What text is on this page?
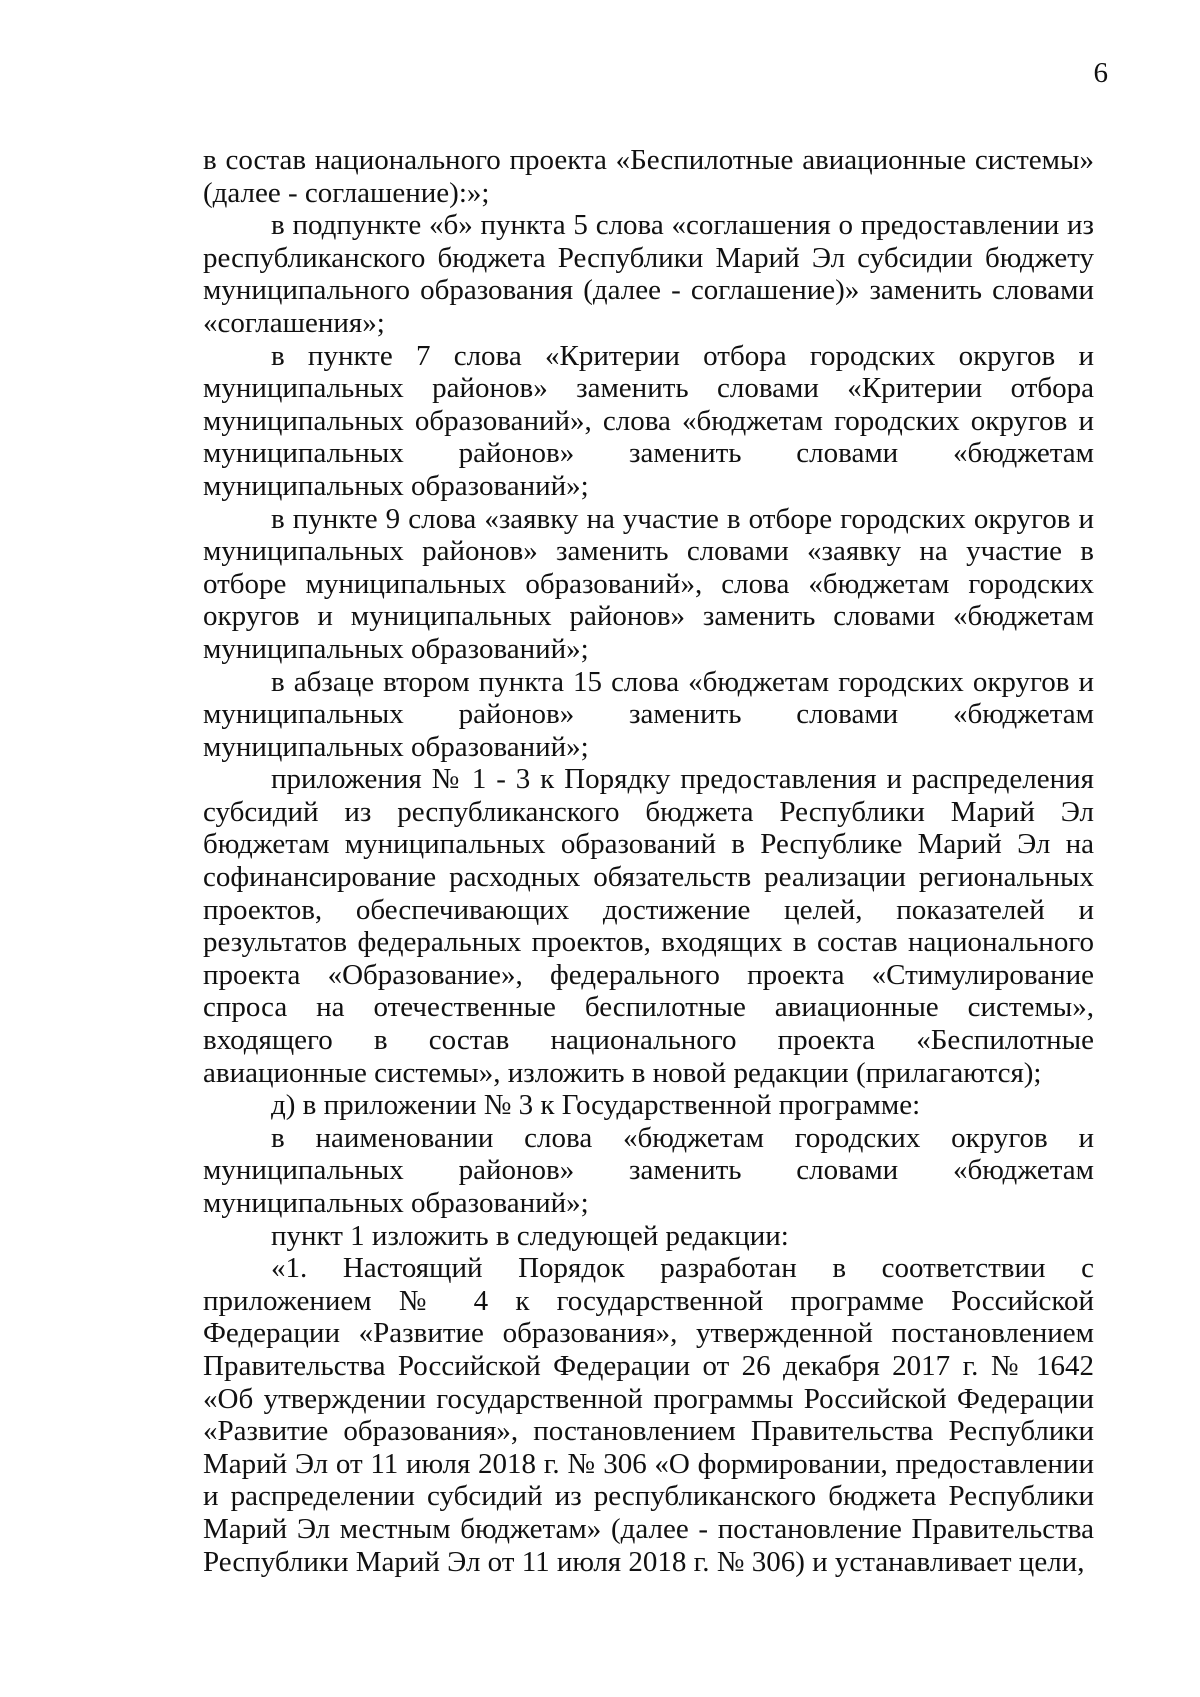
6

в состав национального проекта «Беспилотные авиационные системы» (далее - соглашение):»;

в подпункте «б» пункта 5 слова «соглашения о предоставлении из республиканского бюджета Республики Марий Эл субсидии бюджету муниципального образования (далее - соглашение)» заменить словами «соглашения»;

в пункте 7 слова «Критерии отбора городских округов и муниципальных районов» заменить словами «Критерии отбора муниципальных образований», слова «бюджетам городских округов и муниципальных районов» заменить словами «бюджетам муниципальных образований»;

в пункте 9 слова «заявку на участие в отборе городских округов и муниципальных районов» заменить словами «заявку на участие в отборе муниципальных образований», слова «бюджетам городских округов и муниципальных районов» заменить словами «бюджетам муниципальных образований»;

в абзаце втором пункта 15 слова «бюджетам городских округов и муниципальных районов» заменить словами «бюджетам муниципальных образований»;

приложения № 1 - 3 к Порядку предоставления и распределения субсидий из республиканского бюджета Республики Марий Эл бюджетам муниципальных образований в Республике Марий Эл на софинансирование расходных обязательств реализации региональных проектов, обеспечивающих достижение целей, показателей и результатов федеральных проектов, входящих в состав национального проекта «Образование», федерального проекта «Стимулирование спроса на отечественные беспилотные авиационные системы», входящего в состав национального проекта «Беспилотные авиационные системы», изложить в новой редакции (прилагаются);

д) в приложении № 3 к Государственной программе:

в наименовании слова «бюджетам городских округов и муниципальных районов» заменить словами «бюджетам муниципальных образований»;

пункт 1 изложить в следующей редакции:

«1. Настоящий Порядок разработан в соответствии с приложением № 4 к государственной программе Российской Федерации «Развитие образования», утвержденной постановлением Правительства Российской Федерации от 26 декабря 2017 г. № 1642 «Об утверждении государственной программы Российской Федерации «Развитие образования», постановлением Правительства Республики Марий Эл от 11 июля 2018 г. № 306 «О формировании, предоставлении и распределении субсидий из республиканского бюджета Республики Марий Эл местным бюджетам» (далее - постановление Правительства Республики Марий Эл от 11 июля 2018 г. № 306) и устанавливает цели,
